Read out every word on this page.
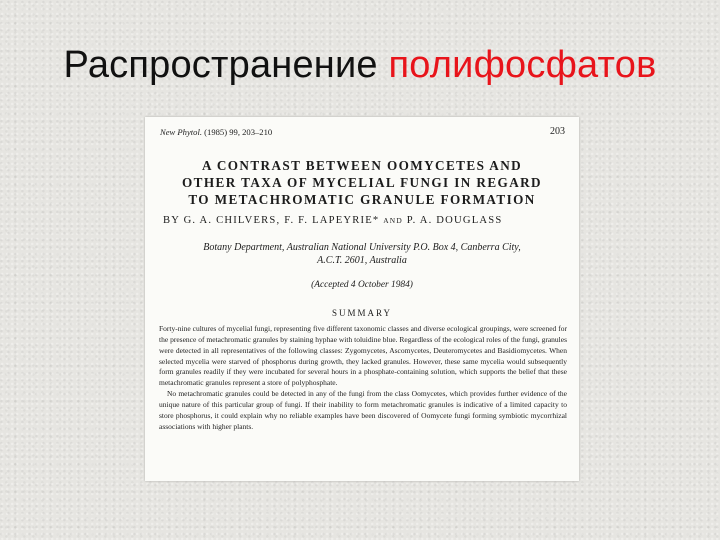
Распространение полифосфатов
New Phytol. (1985) 99, 203–210	203
A CONTRAST BETWEEN OOMYCETES AND
OTHER TAXA OF MYCELIAL FUNGI IN REGARD
TO METACHROMATIC GRANULE FORMATION
BY G. A. CHILVERS, F. F. LAPEYRIE* AND P. A. DOUGLASS
Botany Department, Australian National University P.O. Box 4, Canberra City,
A.C.T. 2601, Australia
(Accepted 4 October 1984)
SUMMARY

Forty-nine cultures of mycelial fungi, representing five different taxonomic classes and diverse ecological groupings, were screened for the presence of metachromatic granules by staining hyphae with toluidine blue. Regardless of the ecological roles of the fungi, granules were detected in all representatives of the following classes: Zygomycetes, Ascomycetes, Deuteromycetes and Basidiomycetes. When selected mycelia were starved of phosphorus during growth, they lacked granules. However, these same mycelia would subsequently form granules readily if they were incubated for several hours in a phosphate-containing solution, which supports the belief that these metachromatic granules represent a store of polyphosphate.

No metachromatic granules could be detected in any of the fungi from the class Oomycetes, which provides further evidence of the unique nature of this particular group of fungi. If their inability to form metachromatic granules is indicative of a limited capacity to store phosphorus, it could explain why no reliable examples have been discovered of Oomycete fungi forming symbiotic mycorrhizal associations with higher plants.
